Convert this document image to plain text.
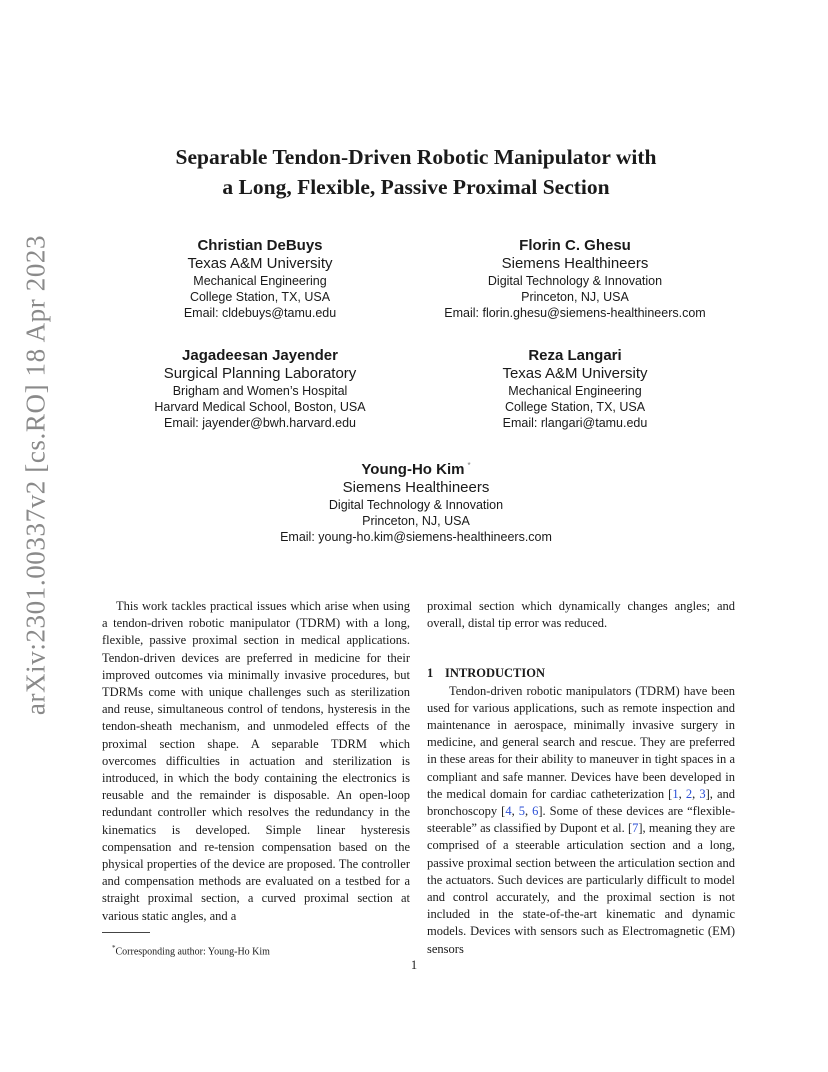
arXiv:2301.00337v2 [cs.RO] 18 Apr 2023
Separable Tendon-Driven Robotic Manipulator with
a Long, Flexible, Passive Proximal Section
Christian DeBuys
Texas A&M University
Mechanical Engineering
College Station, TX, USA
Email: cldebuys@tamu.edu
Florin C. Ghesu
Siemens Healthineers
Digital Technology & Innovation
Princeton, NJ, USA
Email: florin.ghesu@siemens-healthineers.com
Jagadeesan Jayender
Surgical Planning Laboratory
Brigham and Women’s Hospital
Harvard Medical School, Boston, USA
Email: jayender@bwh.harvard.edu
Reza Langari
Texas A&M University
Mechanical Engineering
College Station, TX, USA
Email: rlangari@tamu.edu
Young-Ho Kim *
Siemens Healthineers
Digital Technology & Innovation
Princeton, NJ, USA
Email: young-ho.kim@siemens-healthineers.com

This work tackles practical issues which arise when using a tendon-driven robotic manipulator (TDRM) with a long, flexible, passive proximal section in medical applications. Tendon-driven devices are preferred in medicine for their improved outcomes via minimally invasive procedures, but TDRMs come with unique challenges such as sterilization and reuse, simultaneous control of tendons, hysteresis in the tendon-sheath mechanism, and unmodeled effects of the proximal section shape. A separable TDRM which overcomes difficulties in actuation and sterilization is introduced, in which the body containing the electronics is reusable and the remainder is disposable. An open-loop redundant controller which resolves the redundancy in the kinematics is developed. Simple linear hysteresis compensation and re-tension compensation based on the physical properties of the device are proposed. The controller and compensation methods are evaluated on a testbed for a straight proximal section, a curved proximal section at various static angles, and a

proximal section which dynamically changes angles; and overall, distal tip error was reduced.

1 INTRODUCTION

Tendon-driven robotic manipulators (TDRM) have been used for various applications, such as remote inspection and maintenance in aerospace, minimally invasive surgery in medicine, and general search and rescue. They are preferred in these areas for their ability to maneuver in tight spaces in a compliant and safe manner. Devices have been developed in the medical domain for cardiac catheterization [1, 2, 3], and bronchoscopy [4, 5, 6]. Some of these devices are “flexible-steerable” as classified by Dupont et al. [7], meaning they are comprised of a steerable articulation section and a long, passive proximal section between the articulation section and the actuators. Such devices are particularly difficult to model and control accurately, and the proximal section is not included in the state-of-the-art kinematic and dynamic models. Devices with sensors such as Electromagnetic (EM) sensors

*Corresponding author: Young-Ho Kim
1
